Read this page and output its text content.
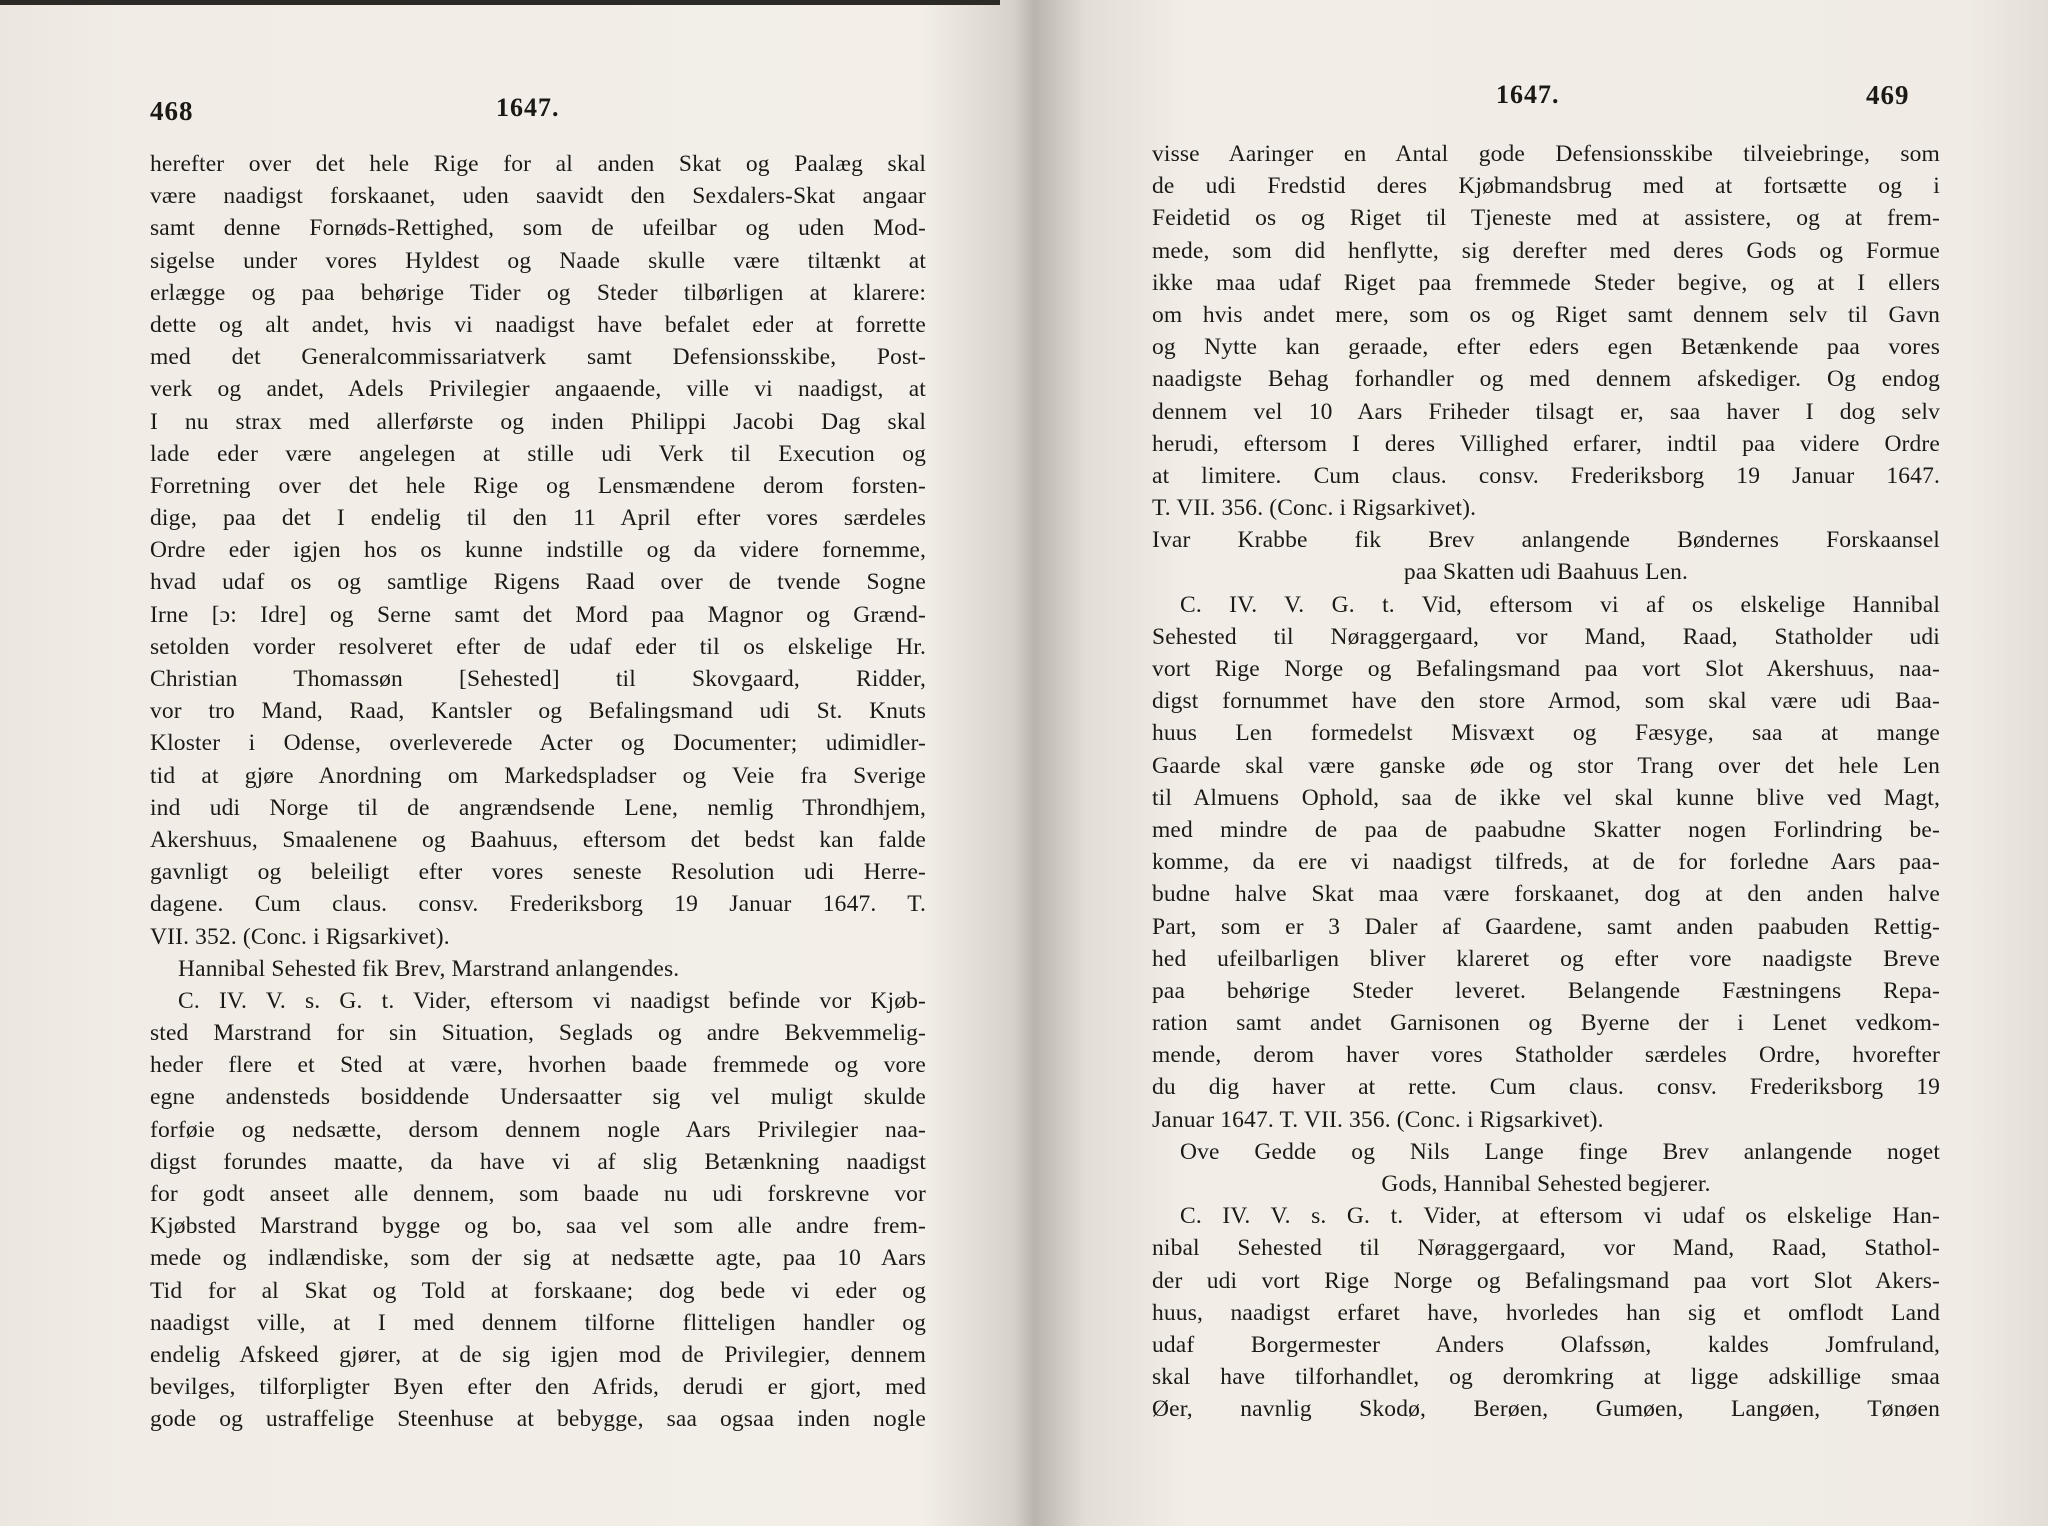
468	1647.
herefter over det hele Rige for al anden Skat og Paalæg skal
være naadigst forskaanet, uden saavidt den Sexdalers-Skat angaar
samt denne Fornøds-Rettighed, som de ufeilbar og uden Mod-
sigelse under vores Hyldest og Naade skulle være tiltænkt at
erlægge og paa behørige Tider og Steder tilbørligen at klarere:
dette og alt andet, hvis vi naadigst have befalet eder at forrette
med det Generalcommissariatverk samt Defensionsskibe, Post-
verk og andet, Adels Privilegier angaaende, ville vi naadigst, at
I nu strax med allerførste og inden Philippi Jacobi Dag skal
lade eder være angelegen at stille udi Verk til Execution og
Forretning over det hele Rige og Lensmændene derom forsten-
dige, paa det I endelig til den 11 April efter vores særdeles
Ordre eder igjen hos os kunne indstille og da videre fornemme,
hvad udaf os og samtlige Rigens Raad over de tvende Sogne
Irne [ɔ: Idre] og Serne samt det Mord paa Magnor og Grænd-
setolden vorder resolveret efter de udaf eder til os elskelige Hr.
Christian Thomassøn [Sehested] til Skovgaard, Ridder,
vor tro Mand, Raad, Kantsler og Befalingsmand udi St. Knuts
Kloster i Odense, overleverede Acter og Documenter; udimidler-
tid at gjøre Anordning om Markedspladser og Veie fra Sverige
ind udi Norge til de angrændsende Lene, nemlig Throndhjem,
Akershuus, Smaalenene og Baahuus, eftersom det bedst kan falde
gavnligt og beleiligt efter vores seneste Resolution udi Herre-
dagene. Cum claus. consv. Frederiksborg 19 Januar 1647. T.
VII. 352. (Conc. i Rigsarkivet).
Hannibal Sehested fik Brev, Marstrand anlangendes.
C. IV. V. s. G. t. Vider, eftersom vi naadigst befinde vor Kjøb-
sted Marstrand for sin Situation, Seglads og andre Bekvemmelig-
heder flere et Sted at være, hvorhen baade fremmede og vore
egne andensteds bosiddende Undersaatter sig vel muligt skulde
forføie og nedsætte, dersom dennem nogle Aars Privilegier naa-
digst forundes maatte, da have vi af slig Betænkning naadigst
for godt anseet alle dennem, som baade nu udi forskrevne vor
Kjøbsted Marstrand bygge og bo, saa vel som alle andre frem-
mede og indlændiske, som der sig at nedsætte agte, paa 10 Aars
Tid for al Skat og Told at forskaane; dog bede vi eder og
naadigst ville, at I med dennem tilforne flitteligen handler og
endelig Afskeed gjører, at de sig igjen mod de Privilegier, dennem
bevilges, tilforpligter Byen efter den Afrids, derudi er gjort, med
gode og ustraffelige Steenhuse at bebygge, saa ogsaa inden nogle
1647.	469
visse Aaringer en Antal gode Defensionsskibe tilveiebringe, som
de udi Fredstid deres Kjøbmandsbrug med at fortsætte og i
Feidetid os og Riget til Tjeneste med at assistere, og at frem-
mede, som did henflytte, sig derefter med deres Gods og Formue
ikke maa udaf Riget paa fremmede Steder begive, og at I ellers
om hvis andet mere, som os og Riget samt dennem selv til Gavn
og Nytte kan geraade, efter eders egen Betænkende paa vores
naadigste Behag forhandler og med dennem afskediger. Og endog
dennem vel 10 Aars Friheder tilsagt er, saa haver I dog selv
herudi, eftersom I deres Villighed erfarer, indtil paa videre Ordre
at limitere. Cum claus. consv. Frederiksborg 19 Januar 1647.
T. VII. 356. (Conc. i Rigsarkivet).
Ivar Krabbe fik Brev anlangende Bøndernes Forskaansel
paa Skatten udi Baahuus Len.
C. IV. V. G. t. Vid, eftersom vi af os elskelige Hannibal
Sehested til Nøraggergaard, vor Mand, Raad, Statholder udi
vort Rige Norge og Befalingsmand paa vort Slot Akershuus, naa-
digst fornummet have den store Armod, som skal være udi Baa-
huus Len formedelst Misvæxt og Fæsyge, saa at mange
Gaarde skal være ganske øde og stor Trang over det hele Len
til Almuens Ophold, saa de ikke vel skal kunne blive ved Magt,
med mindre de paa de paabudne Skatter nogen Forlindring be-
komme, da ere vi naadigst tilfreds, at de for forledne Aars paa-
budne halve Skat maa være forskaanet, dog at den anden halve
Part, som er 3 Daler af Gaardene, samt anden paabuden Rettig-
hed ufeilbarligen bliver klareret og efter vore naadigste Breve
paa behørige Steder leveret. Belangende Fæstningens Repa-
ration samt andet Garnisonen og Byerne der i Lenet vedkom-
mende, derom haver vores Statholder særdeles Ordre, hvorefter
du dig haver at rette. Cum claus. consv. Frederiksborg 19
Januar 1647. T. VII. 356. (Conc. i Rigsarkivet).
Ove Gedde og Nils Lange finge Brev anlangende noget
Gods, Hannibal Sehested begjerer.
C. IV. V. s. G. t. Vider, at eftersom vi udaf os elskelige Han-
nibal Sehested til Nøraggergaard, vor Mand, Raad, Stathol-
der udi vort Rige Norge og Befalingsmand paa vort Slot Akers-
huus, naadigst erfaret have, hvorledes han sig et omflodt Land
udaf Borgermester Anders Olafssøn, kaldes Jomfruland,
skal have tilforhandlet, og deromkring at ligge adskillige smaa
Øer, navnlig Skodø, Berøen, Gumøen, Langøen, Tønøen
